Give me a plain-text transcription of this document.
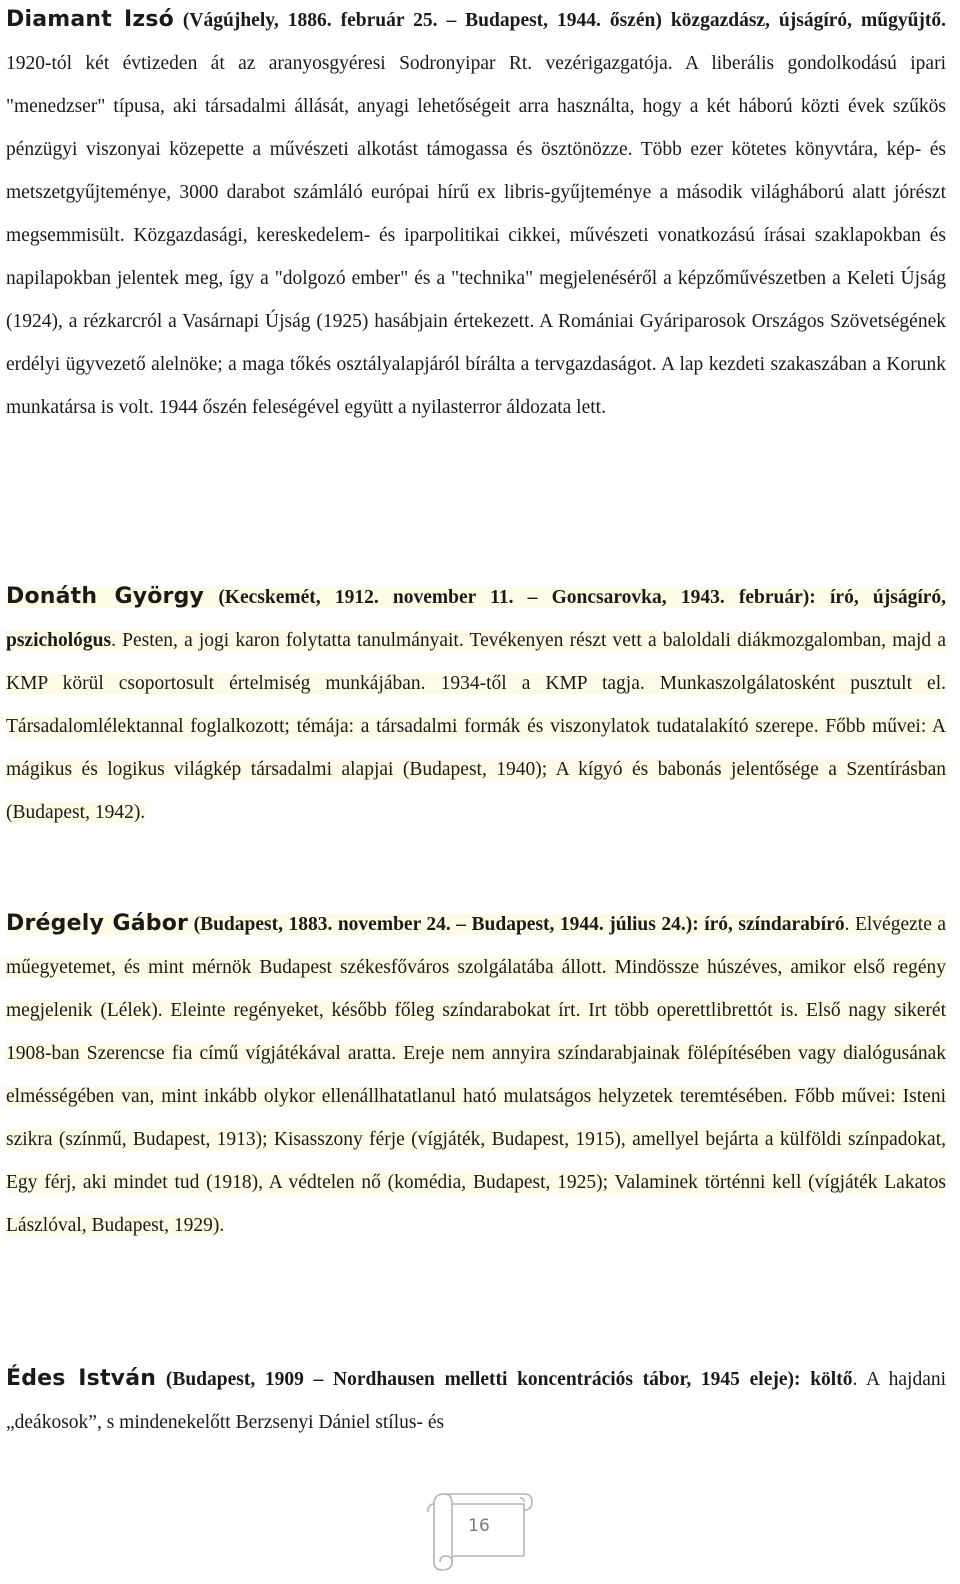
Diamant Izsó (Vágújhely, 1886. február 25. – Budapest, 1944. őszén) közgazdász, újságíró, műgyűjtő. 1920-tól két évtizeden át az aranyosgyéresi Sodronyipar Rt. vezérigazgatója. A liberális gondolkodású ipari "menedzser" típusa, aki társadalmi állását, anyagi lehetőségeit arra használta, hogy a két háború közti évek szűkös pénzügyi viszonyai közepette a művészeti alkotást támogassa és ösztönözze. Több ezer kötetes könyvtára, kép- és metszetgyűjteménye, 3000 darabot számláló európai hírű ex libris-gyűjteménye a második világháború alatt jórészt megsemmisült. Közgazdasági, kereskedelem- és iparpolitikai cikkei, művészeti vonatkozású írásai szaklapokban és napilapokban jelentek meg, így a "dolgozó ember" és a "technika" megjelenéséről a képzőművészetben a Keleti Újság (1924), a rézkarcról a Vasárnapi Újság (1925) hasábjain értekezett. A Romániai Gyáriparosok Országos Szövetségének erdélyi ügyvezető alelnöke; a maga tőkés osztályalapjáról bírálta a tervgazdaságot. A lap kezdeti szakaszában a Korunk munkatársa is volt. 1944 őszén feleségével együtt a nyilasterror áldozata lett.

Donáth György (Kecskemét, 1912. november 11. – Goncsarovka, 1943. február): író, újságíró, pszichológus. Pesten, a jogi karon folytatta tanulmányait. Tevékenyen részt vett a baloldali diákmozgalomban, majd a KMP körül csoportosult értelmiség munkájában. 1934-től a KMP tagja. Munkaszolgálatosként pusztult el. Társadalomlélektannal foglalkozott; témája: a társadalmi formák és viszonylatok tudatalakító szerepe. Főbb művei: A mágikus és logikus világkép társadalmi alapjai (Budapest, 1940); A kígyó és babonás jelentősége a Szentírásban (Budapest, 1942).

Drégely Gábor (Budapest, 1883. november 24. – Budapest, 1944. július 24.): író, színdarabíró. Elvégezte a műegyetemet, és mint mérnök Budapest székesfőváros szolgálatába állott. Mindössze húszéves, amikor első regény megjelenik (Lélek). Eleinte regényeket, később főleg színdarabokat írt. Irt több operettlibrettót is. Első nagy sikerét 1908-ban Szerencse fia című vígjátékával aratta. Ereje nem annyira színdarabjainak fölépítésében vagy dialógusának elmésségében van, mint inkább olykor ellenállhatatlanul ható mulatságos helyzetek teremtésében. Főbb művei: Isteni szikra (színmű, Budapest, 1913); Kisasszony férje (vígjáték, Budapest, 1915), amellyel bejárta a külföldi színpadokat, Egy férj, aki mindet tud (1918), A védtelen nő (komédia, Budapest, 1925); Valaminek történni kell (vígjáték Lakatos Lászlóval, Budapest, 1929).

Édes István (Budapest, 1909 – Nordhausen melletti koncentrációs tábor, 1945 eleje): költő. A hajdani „deákosok”, s mindenekelőtt Berzsenyi Dániel stílus- és

16
